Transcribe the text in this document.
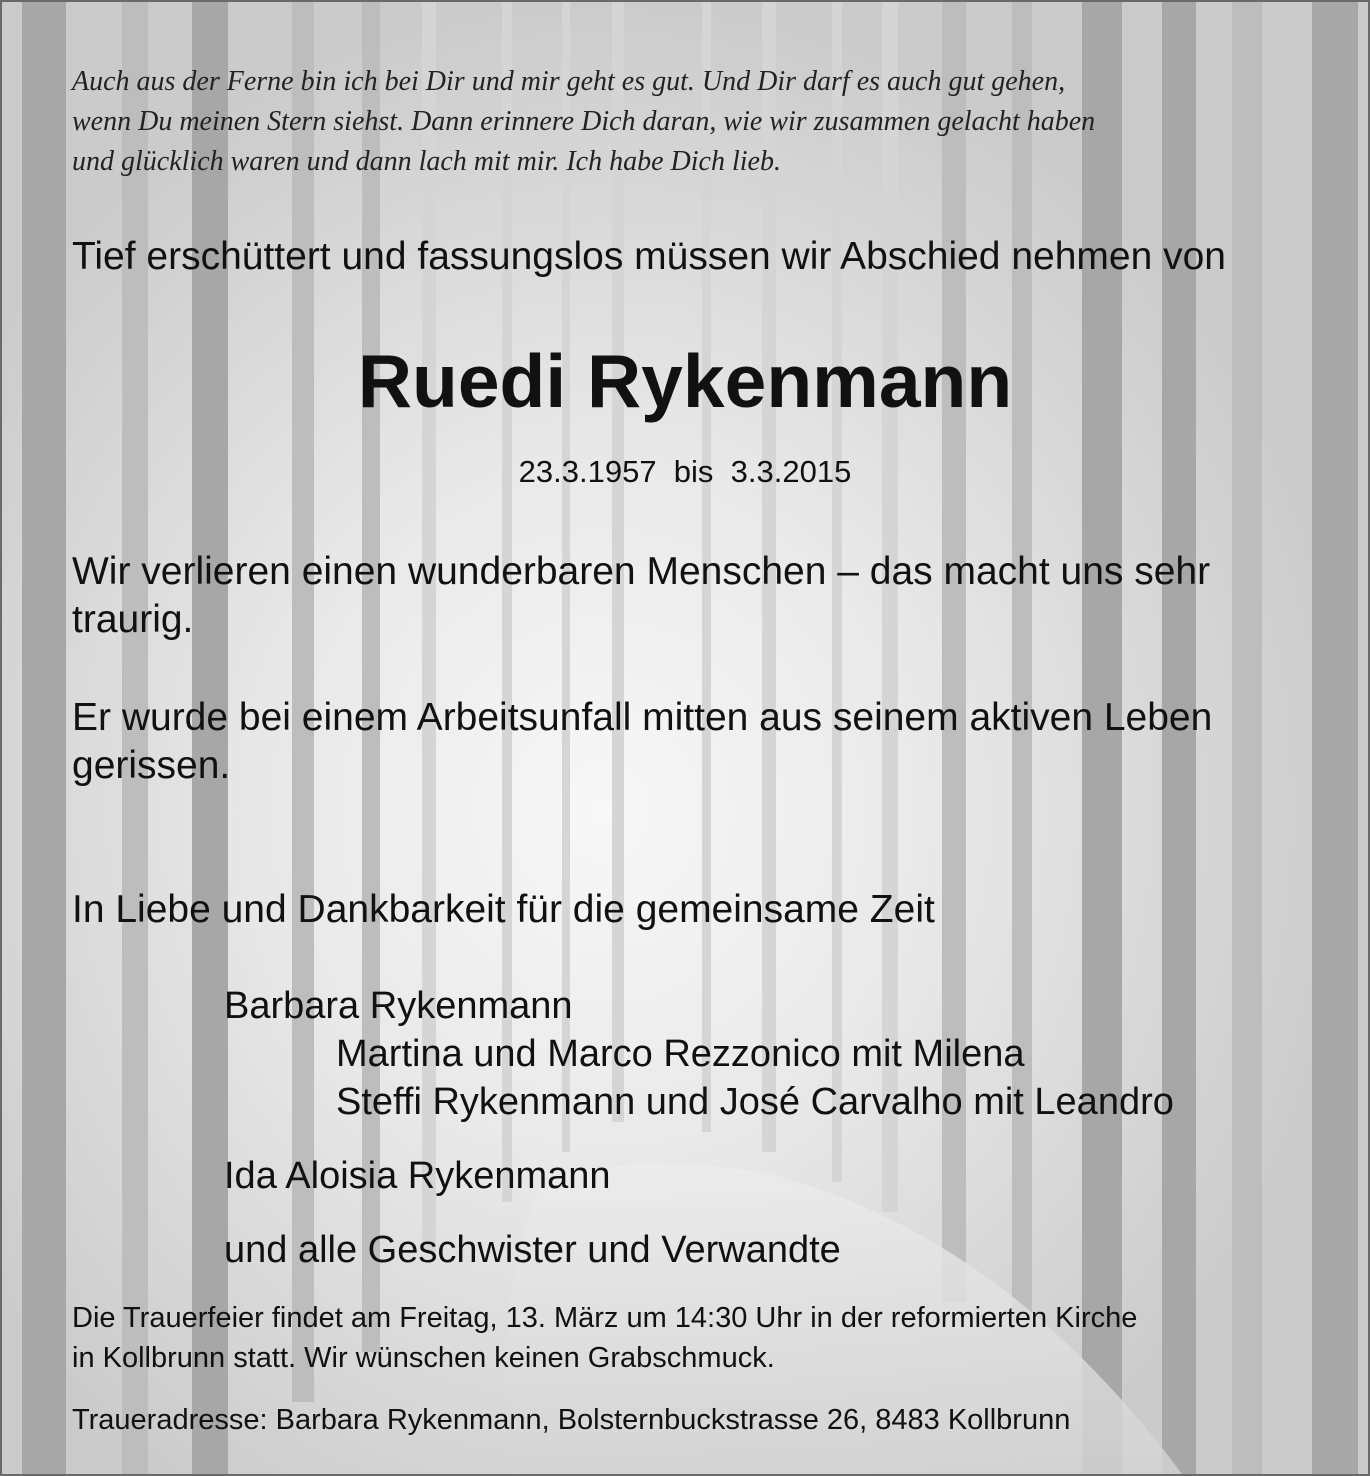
Auch aus der Ferne bin ich bei Dir und mir geht es gut. Und Dir darf es auch gut gehen,
wenn Du meinen Stern siehst. Dann erinnere Dich daran, wie wir zusammen gelacht haben
und glücklich waren und dann lach mit mir. Ich habe Dich lieb.
Tief erschüttert und fassungslos müssen wir Abschied nehmen von
Ruedi Rykenmann
23.3.1957  bis  3.3.2015
Wir verlieren einen wunderbaren Menschen – das macht uns sehr
traurig.
Er wurde bei einem Arbeitsunfall mitten aus seinem aktiven Leben
gerissen.
In Liebe und Dankbarkeit für die gemeinsame Zeit
Barbara Rykenmann
Martina und Marco Rezzonico mit Milena
Steffi Rykenmann und José Carvalho mit Leandro
Ida Aloisia Rykenmann
und alle Geschwister und Verwandte
Die Trauerfeier findet am Freitag, 13. März um 14:30 Uhr in der reformierten Kirche
in Kollbrunn statt. Wir wünschen keinen Grabschmuck.
Traueradresse: Barbara Rykenmann, Bolsternbuckstrasse 26, 8483 Kollbrunn
